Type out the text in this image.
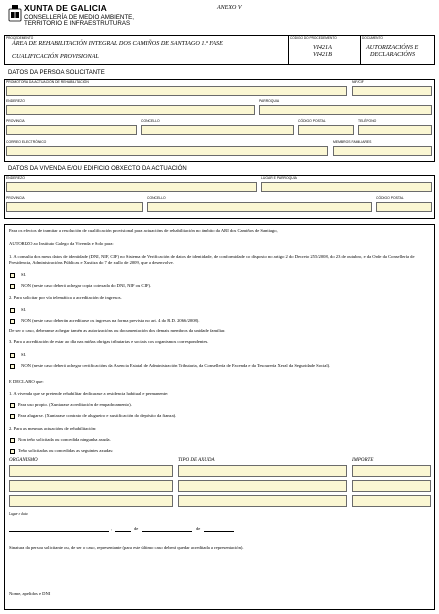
XUNTA DE GALICIA
CONSELLERÍA DE MEDIO AMBIENTE,
TERRITORIO E INFRAESTRUTURAS
ANEXO V
PROCEDEMENTO
ÁREA DE REHABILITACIÓN INTEGRAL DOS CAMIÑOS DE SANTIAGO 1.ª FASE
CUALIFICACIÓN PROVISIONAL
CÓDIGO DO PROCEDEMENTO
VI421A
VI421B
DOCUMENTO
AUTORIZACIÓNS E
DECLARACIÓNS
DATOS DA PERSOA SOLICITANTE
PROMOTORA DA ACTUACIÓN DE REHABILITACIÓN	NIF/CIF
ENDEREZO	PARROQUIA
PROVINCIA	CONCELLO	CÓDIGO POSTAL	TELÉFONO
CORREO ELECTRÓNICO	MEMBROS FAMILIARES
DATOS DA VIVENDA E/OU EDIFICIO OBXECTO DA ACTUACIÓN
ENDEREZO	LUGAR E PARROQUIA
PROVINCIA	CONCELLO	CÓDIGO POSTAL
Para os efectos de tramitar a resolución de cualificación provisional para actuacións de rehabilitación no ámbito da ARI dos Camiños de Santiago,
AUTORIZO ao Instituto Galego da Vivenda e Solo para:
1. A consulta dos meus datos de identidade (DNI, NIF, CIF) no Sistema de Verificación de datos de identidade, de conformidade co disposto no artigo 2 do Decreto 255/2008, do 23 de outubro, e da Orde da Consellería de Presidencia, Administracións Públicas e Xustiza do 7 de xullo de 2009, que a desenvolve.
SI.
NON (neste caso deberá achegar copia cotexada do DNI, NIF ou CIF).
2. Para solicitar por vía telemática a acreditación de ingresos.
SI.
NON (neste caso deberán acreditarse os ingresos na forma prevista no art. 4 do R.D. 2066/2008).
De ser o caso, deberanse achegar tamén as autorizacións ou documentación dos demais membros da unidade familiar.
3. Para a acreditación de estar ao día nas miñas obrigas tributarias e sociais cos organismos correspondentes.
SI.
NON (neste caso deberá achegar certificacións da Axencia Estatal de Administración Tributaria, da Consellería de Facenda e da Tesourería Xeral da Seguridade Social).
E DECLARO que:
1. A vivenda que se pretende rehabilitar dedicarase a residencia habitual e permanente:
Para uso propio. (Xuntarase acreditación de empadroamento).
Para alugarse. (Xuntarase contrato de alugueiro e xustificación do depósito da fianza).
2. Para as mesmas actuacións de rehabilitación:
Non teño solicitada ou concedida ningunha axuda.
Teño solicitadas ou concedidas as seguintes axudas:
ORGANISMO	TIPO DE AXUDA	IMPORTE
Lugar e data
,	de	de
Sinatura da persoa solicitante ou, de ser o caso, representante (para este último caso deberá quedar acreditada a representación).
Nome, apelidos e DNI
